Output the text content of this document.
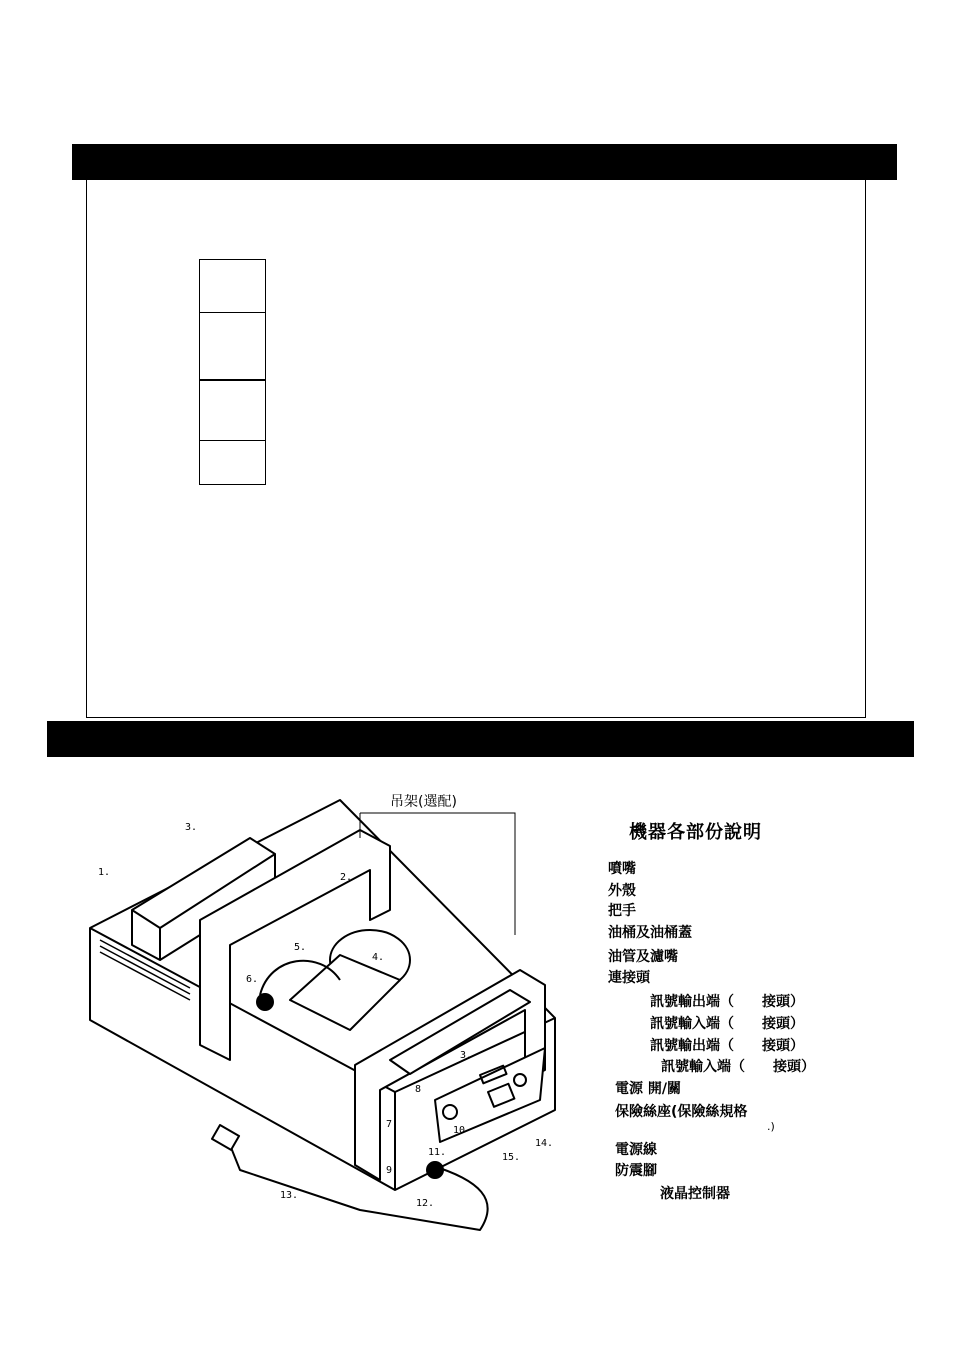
吊架(選配)
1.	2.
3.
3.
4.
5.
6.
7
8
9.
10
11.
12.
13.
14.
15.
機器各部份說明
噴嘴
外殼
把手
油桶及油桶蓋
油管及濾嘴
連接頭
訊號輸出端（　　接頭）
訊號輸入端（　　接頭）
訊號輸出端（　　接頭）
訊號輸入端（　　接頭）
電源 開/關
保險絲座(保險絲規格
.)
電源線
防震腳
液晶控制器
